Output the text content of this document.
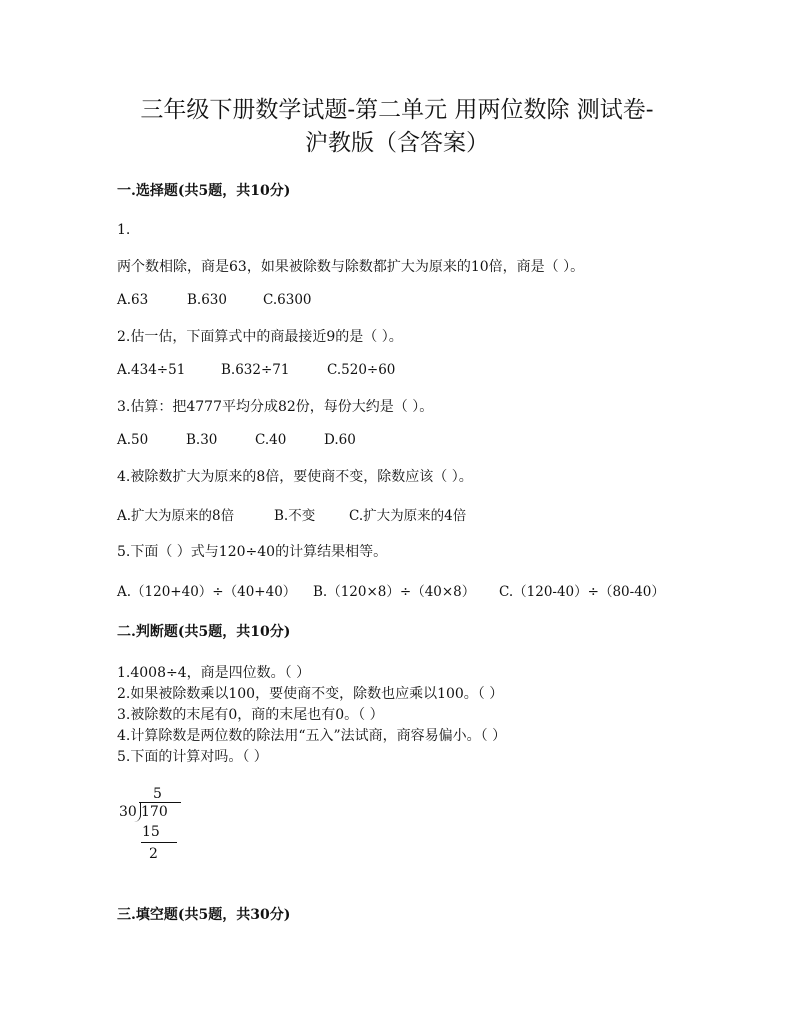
三年级下册数学试题-第二单元 用两位数除 测试卷-
沪教版（含答案）

一.选择题(共5题，共10分)

1.

两个数相除，商是63，如果被除数与除数都扩大为原来的10倍，商是（ ）。

A.63	B.630	C.6300

2.估一估，下面算式中的商最接近9的是（ ）。

A.434÷51	B.632÷71	C.520÷60

3.估算：把4777平均分成82份，每份大约是（ ）。

A.50	B.30	C.40	D.60

4.被除数扩大为原来的8倍，要使商不变，除数应该（ ）。

A.扩大为原来的8倍	B.不变	C.扩大为原来的4倍

5.下面（ ）式与120÷40的计算结果相等。

A.（120+40）÷（40+40）	B.（120×8）÷（40×8）	C.（120-40）÷（80-40）

二.判断题(共5题，共10分)

1.4008÷4，商是四位数。（ ）

2.如果被除数乘以100，要使商不变，除数也应乘以100。（ ）

3.被除数的末尾有0，商的末尾也有0。（ ）

4.计算除数是两位数的除法用“五入”法试商，商容易偏小。（ ）

5.下面的计算对吗。（ ）

5
30 170
15
2

三.填空题(共5题，共30分)
